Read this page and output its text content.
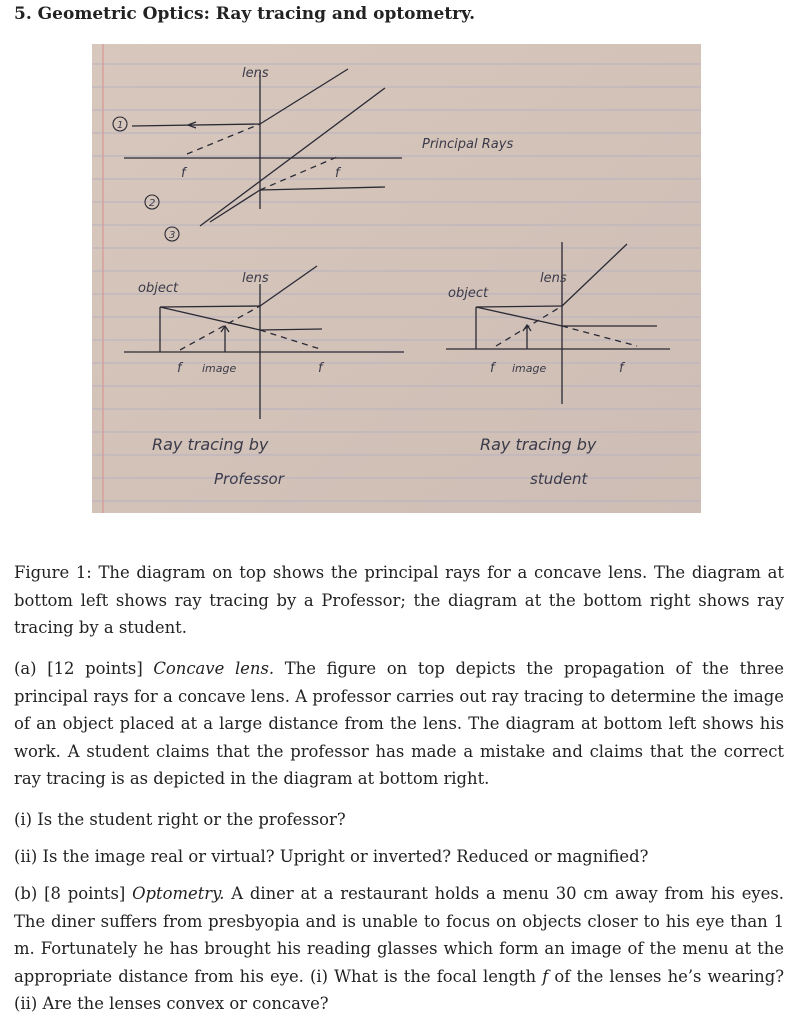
5. Geometric Optics: Ray tracing and optometry.
lens
Principal Rays
f	f
1
2
3
object
lens
f image	f
object
lens
f image	f
Ray tracing by
Professor
Ray tracing by
student

Figure 1: The diagram on top shows the principal rays for a concave lens. The diagram at bottom left shows ray tracing by a Professor; the diagram at the bottom right shows ray tracing by a student.

(a) [12 points] Concave lens. The figure on top depicts the propagation of the three principal rays for a concave lens. A professor carries out ray tracing to determine the image of an object placed at a large distance from the lens. The diagram at bottom left shows his work. A student claims that the professor has made a mistake and claims that the correct ray tracing is as depicted in the diagram at bottom right.

(i) Is the student right or the professor?

(ii) Is the image real or virtual? Upright or inverted? Reduced or magnified?

(b) [8 points] Optometry. A diner at a restaurant holds a menu 30 cm away from his eyes. The diner suffers from presbyopia and is unable to focus on objects closer to his eye than 1 m. Fortunately he has brought his reading glasses which form an image of the menu at the appropriate distance from his eye. (i) What is the focal length f of the lenses he’s wearing? (ii) Are the lenses convex or concave?
